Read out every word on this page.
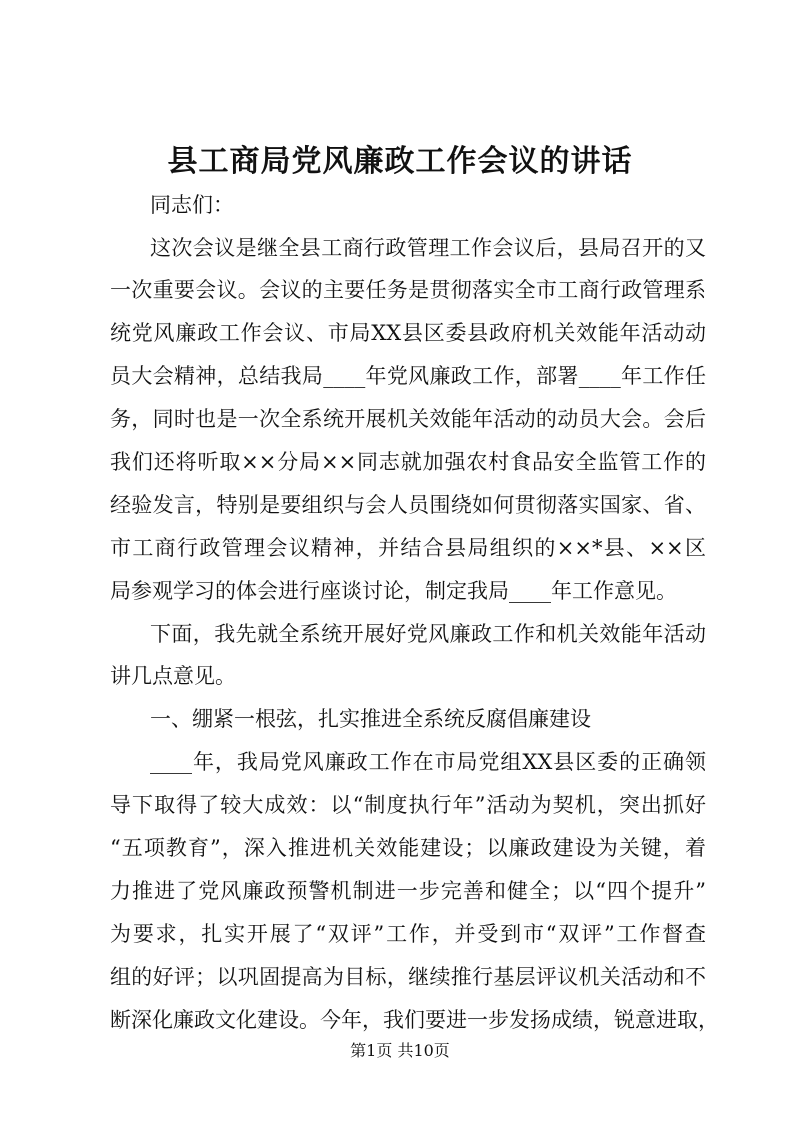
县工商局党风廉政工作会议的讲话
同志们：
这次会议是继全县工商行政管理工作会议后，县局召开的又
一次重要会议。会议的主要任务是贯彻落实全市工商行政管理系
统党风廉政工作会议、市局XX县区委县政府机关效能年活动动
员大会精神，总结我局____年党风廉政工作，部署____年工作任
务，同时也是一次全系统开展机关效能年活动的动员大会。会后
我们还将听取××分局××同志就加强农村食品安全监管工作的
经验发言，特别是要组织与会人员围绕如何贯彻落实国家、省、
市工商行政管理会议精神，并结合县局组织的××*县、××区
局参观学习的体会进行座谈讨论，制定我局____年工作意见。
下面，我先就全系统开展好党风廉政工作和机关效能年活动
讲几点意见。
一、绷紧一根弦，扎实推进全系统反腐倡廉建设
____年，我局党风廉政工作在市局党组XX县区委的正确领
导下取得了较大成效：以“制度执行年”活动为契机，突出抓好
“五项教育”，深入推进机关效能建设；以廉政建设为关键，着
力推进了党风廉政预警机制进一步完善和健全；以“四个提升”
为要求，扎实开展了“双评”工作，并受到市“双评”工作督查
组的好评；以巩固提高为目标，继续推行基层评议机关活动和不
断深化廉政文化建设。今年，我们要进一步发扬成绩，锐意进取，
第1页 共10页
